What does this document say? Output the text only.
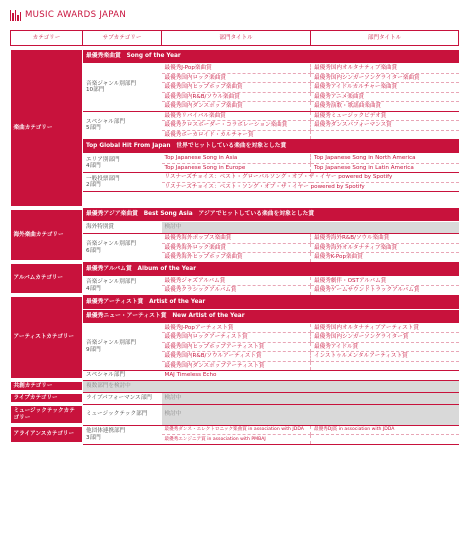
MUSIC AWARDS JAPAN
カテゴリー	サブカテゴリー	部門タイトル	部門タイトル

楽曲カテゴリー	最優秀楽曲賞　Song of the Year		
	音楽ジャンル別部門
10部門	最優秀J-Pop楽曲賞	最優秀国内オルタナティブ楽曲賞
		最優秀国内ロック楽曲賞	最優秀国内シンガーソングライター楽曲賞
		最優秀国内ヒップホップ楽曲賞	最優秀アイドルカルチャー楽曲賞
		最優秀国内R&B/ソウル楽曲賞	最優秀アニメ楽曲賞
		最優秀国内ダンスポップ楽曲賞	最優秀演歌・歌謡曲楽曲賞
	スペシャル部門
5部門	最優秀リバイバル楽曲賞	最優秀ミュージックビデオ賞
		最優秀クロスボーダー・コラボレーション楽曲賞	最優秀ダンスパフォーマンス賞
		最優秀ボーカロイド・カルチャー賞	
	Top Global Hit From Japan　世界でヒットしている楽曲を対象とした賞		
	エリア別部門
4部門	Top Japanese Song in Asia	Top Japanese Song in North America
		Top Japanese Song in Europe	Top Japanese Song in Latin America
	一般投票部門
2部門	リスナーズチョイス：ベスト・グローバルソング・オブ・ザ・イヤー powered by Spotify	
		リスナーズチョイス：ベスト・ソング・オブ・ザ・イヤー powered by Spotify	

海外楽曲カテゴリー	最優秀アジア楽曲賞　Best Song Asia　アジアでヒットしている楽曲を対象とした賞		
	海外特別賞	検討中	
	音楽ジャンル別部門
6部門	最優秀海外ポップス楽曲賞	最優秀海外R&B/ソウル楽曲賞
		最優秀海外ロック楽曲賞	最優秀海外オルタナティブ楽曲賞
		最優秀海外ヒップホップ楽曲賞	最優秀K-Pop楽曲賞
アルバムカテゴリー	最優秀アルバム賞　Album of the Year		
	音楽ジャンル別部門
4部門	最優秀ジャズアルバム賞	最優秀劇伴・OSTアルバム賞
		最優秀クラシックアルバム賞	最優秀ゲームサウンドトラックアルバム賞
アーティストカテゴリー	最優秀アーティスト賞　Artist of the Year		
	最優秀ニュー・アーティスト賞　New Artist of the Year		
	音楽ジャンル別部門
9部門	最優秀J-Popアーティスト賞	最優秀国内オルタナティブアーティスト賞
		最優秀国内ロックアーティスト賞	最優秀国内シンガーソングライター賞
		最優秀国内ヒップホップアーティスト賞	最優秀アイドル賞
		最優秀国内R&B/ソウルアーティスト賞	インストゥルメンタルアーティスト賞
		最優秀国内ダンスポップアーティスト賞	
	スペシャル部門	MAJ Timeless Echo	
共創カテゴリー	複数部門を検討中		
ライブカテゴリー	ライブパフォーマンス部門	検討中	
ミュージックテックカテゴリー	ミュージックテック部門	検討中	
アライアンスカテゴリー	他団体連携部門
3部門	最優秀ダンス・エレクトロニック楽曲賞 in association with JDDA	最優秀DJ賞 in association with JDDA
		最優秀エンジニア賞 in association with PMBAJ	
